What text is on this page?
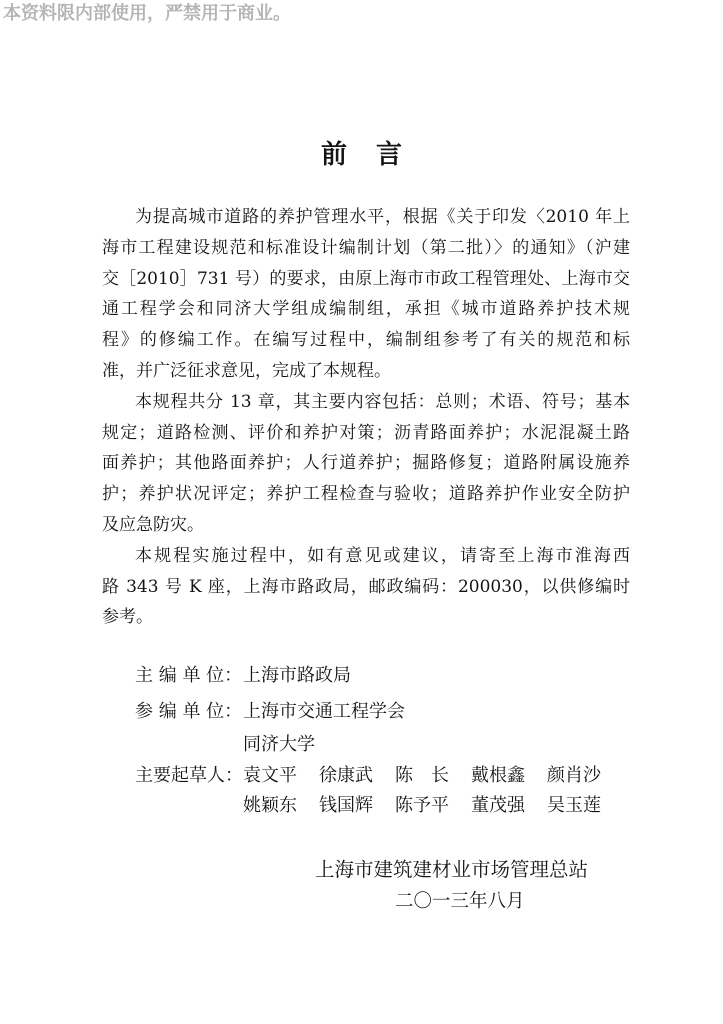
本资料限内部使用，严禁用于商业。
前 言
为提高城市道路的养护管理水平，根据《关于印发〈2010 年上
海市工程建设规范和标准设计编制计划（第二批）〉的通知》（沪建
交［2010］731 号）的要求，由原上海市市政工程管理处、上海市交
通工程学会和同济大学组成编制组，承担《城市道路养护技术规
程》的修编工作。在编写过程中，编制组参考了有关的规范和标
准，并广泛征求意见，完成了本规程。
本规程共分 13 章，其主要内容包括：总则；术语、符号；基本
规定；道路检测、评价和养护对策；沥青路面养护；水泥混凝土路
面养护；其他路面养护；人行道养护；掘路修复；道路附属设施养
护；养护状况评定；养护工程检查与验收；道路养护作业安全防护
及应急防灾。
本规程实施过程中，如有意见或建议，请寄至上海市淮海西
路 343 号 K 座，上海市路政局，邮政编码：200030，以供修编时
参考。
主 编 单 位： 上海市路政局
参 编 单 位： 上海市交通工程学会
同济大学
主要起草人： 袁文平	徐康武	陈　长	戴根鑫	颜肖沙
姚颖东	钱国辉	陈予平	董茂强	吴玉莲
上海市建筑建材业市场管理总站
二〇一三年八月
